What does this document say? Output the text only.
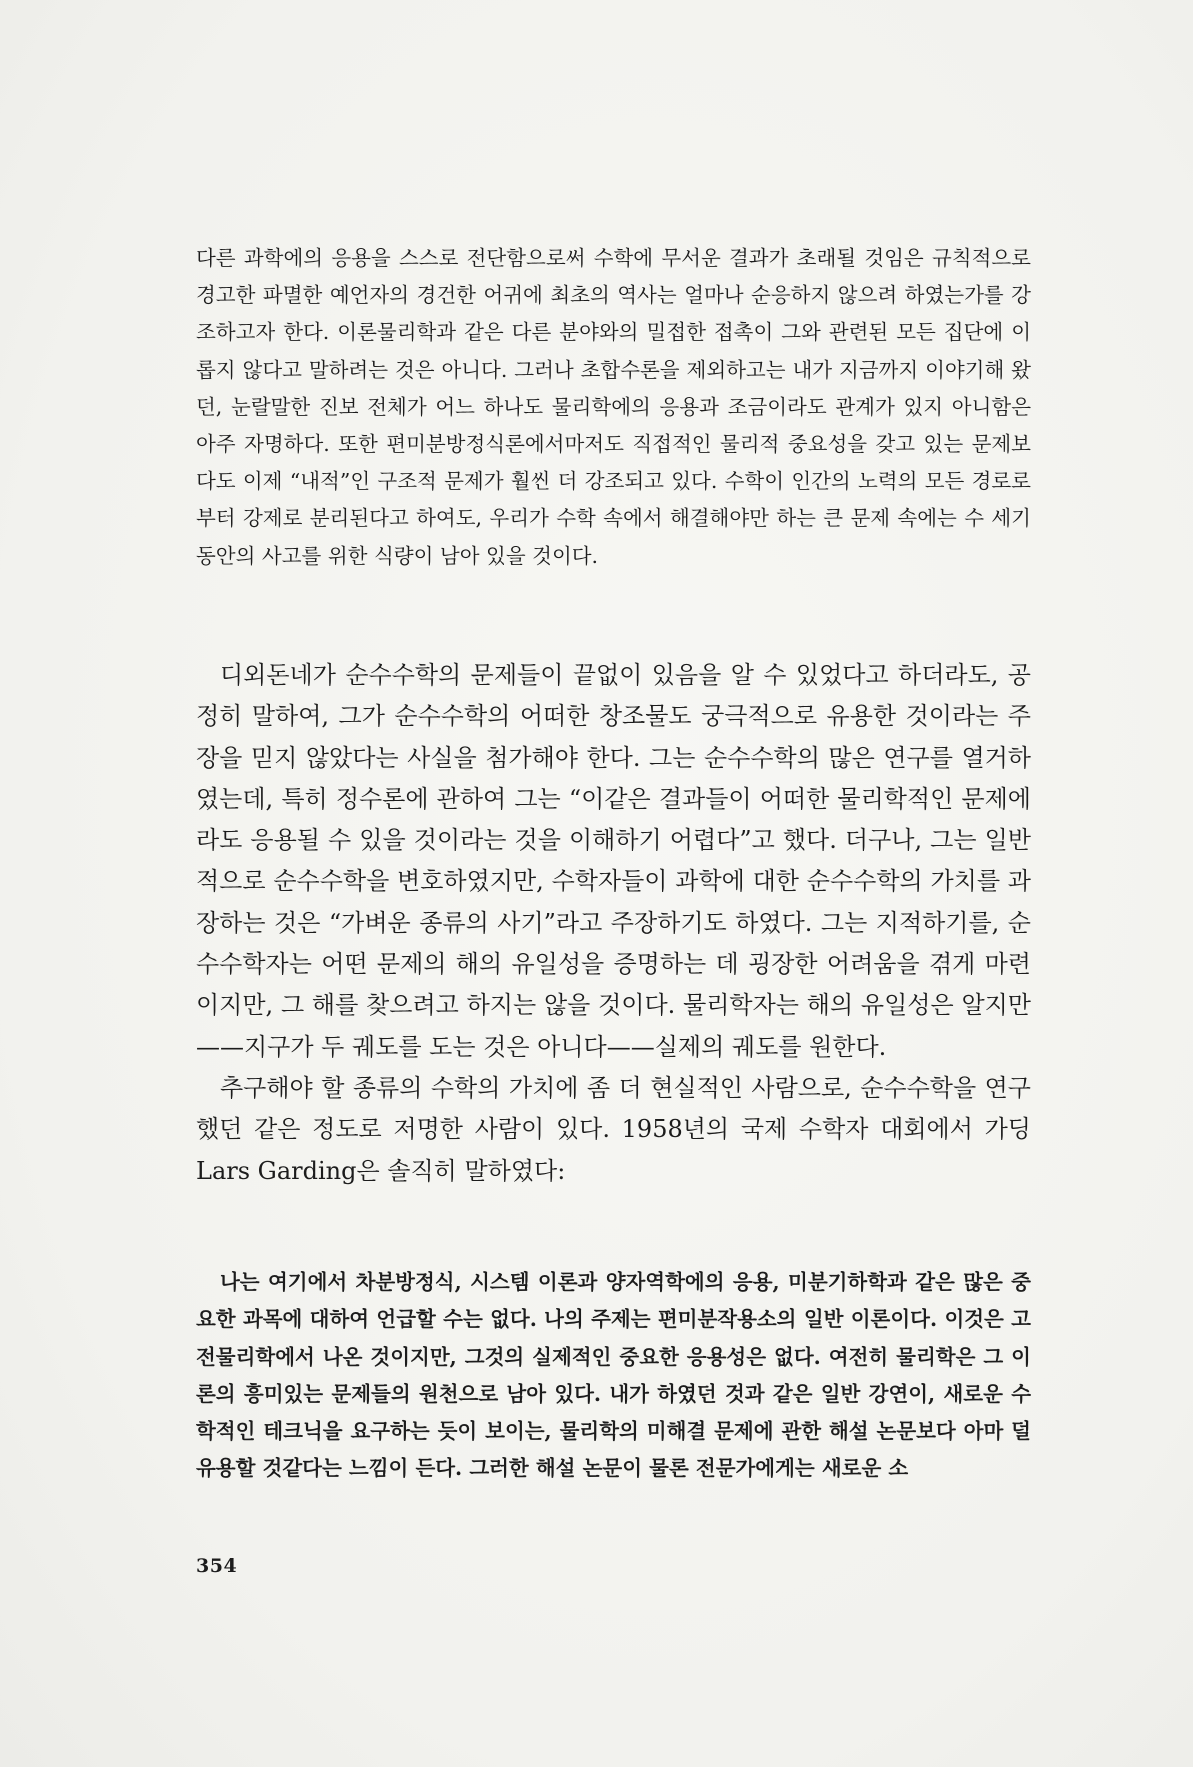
다른 과학에의 응용을 스스로 전단함으로써 수학에 무서운 결과가 초래될 것임은 규칙적으로 경고한 파멸한 예언자의 경건한 어귀에 최초의 역사는 얼마나 순응하지 않으려 하였는가를 강조하고자 한다. 이론물리학과 같은 다른 분야와의 밀접한 접촉이 그와 관련된 모든 집단에 이롭지 않다고 말하려는 것은 아니다. 그러나 초합수론을 제외하고는 내가 지금까지 이야기해 왔던, 눈랄말한 진보 전체가 어느 하나도 물리학에의 응용과 조금이라도 관계가 있지 아니함은 아주 자명하다. 또한 편미분방정식론에서마저도 직접적인 물리적 중요성을 갖고 있는 문제보다도 이제 “내적”인 구조적 문제가 훨씬 더 강조되고 있다. 수학이 인간의 노력의 모든 경로로부터 강제로 분리된다고 하여도, 우리가 수학 속에서 해결해야만 하는 큰 문제 속에는 수 세기 동안의 사고를 위한 식량이 남아 있을 것이다.

디외돈네가 순수수학의 문제들이 끝없이 있음을 알 수 있었다고 하더라도, 공정히 말하여, 그가 순수수학의 어떠한 창조물도 궁극적으로 유용한 것이라는 주장을 믿지 않았다는 사실을 첨가해야 한다. 그는 순수수학의 많은 연구를 열거하였는데, 특히 정수론에 관하여 그는 “이같은 결과들이 어떠한 물리학적인 문제에라도 응용될 수 있을 것이라는 것을 이해하기 어렵다”고 했다. 더구나, 그는 일반적으로 순수수학을 변호하였지만, 수학자들이 과학에 대한 순수수학의 가치를 과장하는 것은 “가벼운 종류의 사기”라고 주장하기도 하였다. 그는 지적하기를, 순수수학자는 어떤 문제의 해의 유일성을 증명하는 데 굉장한 어려움을 겪게 마련이지만, 그 해를 찾으려고 하지는 않을 것이다. 물리학자는 해의 유일성은 알지만——지구가 두 궤도를 도는 것은 아니다——실제의 궤도를 원한다.

추구해야 할 종류의 수학의 가치에 좀 더 현실적인 사람으로, 순수수학을 연구했던 같은 정도로 저명한 사람이 있다. 1958년의 국제 수학자 대회에서 가딩 Lars Garding은 솔직히 말하였다:

나는 여기에서 차분방정식, 시스템 이론과 양자역학에의 응용, 미분기하학과 같은 많은 중요한 과목에 대하여 언급할 수는 없다. 나의 주제는 편미분작용소의 일반 이론이다. 이것은 고전물리학에서 나온 것이지만, 그것의 실제적인 중요한 응용성은 없다. 여전히 물리학은 그 이론의 흥미있는 문제들의 원천으로 남아 있다. 내가 하였던 것과 같은 일반 강연이, 새로운 수학적인 테크닉을 요구하는 듯이 보이는, 물리학의 미해결 문제에 관한 해설 논문보다 아마 덜 유용할 것같다는 느낌이 든다. 그러한 해설 논문이 물론 전문가에게는 새로운 소

354
